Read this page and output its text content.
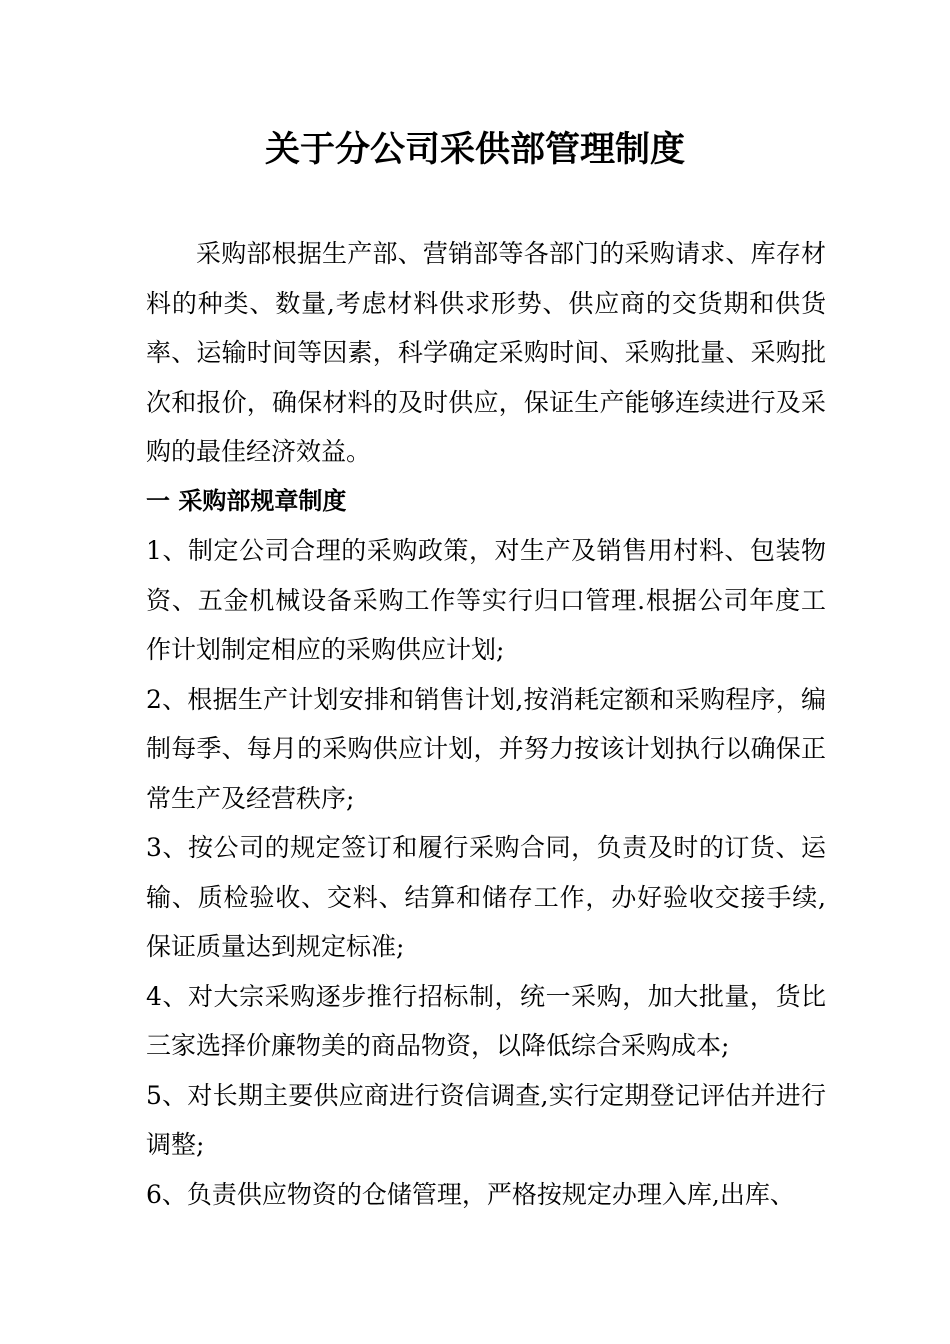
关于分公司采供部管理制度

采购部根据生产部、营销部等各部门的采购请求、库存材料的种类、数量,考虑材料供求形势、供应商的交货期和供货率、运输时间等因素，科学确定采购时间、采购批量、采购批次和报价，确保材料的及时供应，保证生产能够连续进行及采购的最佳经济效益。

一 采购部规章制度

1、制定公司合理的采购政策，对生产及销售用村料、包装物资、五金机械设备采购工作等实行归口管理.根据公司年度工作计划制定相应的采购供应计划;

2、根据生产计划安排和销售计划,按消耗定额和采购程序，编制每季、每月的采购供应计划，并努力按该计划执行以确保正常生产及经营秩序;

3、按公司的规定签订和履行采购合同，负责及时的订货、运输、质检验收、交料、结算和储存工作，办好验收交接手续,保证质量达到规定标准;

4、对大宗采购逐步推行招标制，统一采购，加大批量，货比三家选择价廉物美的商品物资，以降低综合采购成本;

5、对长期主要供应商进行资信调查,实行定期登记评估并进行调整;

6、负责供应物资的仓储管理，严格按规定办理入库,出库、
